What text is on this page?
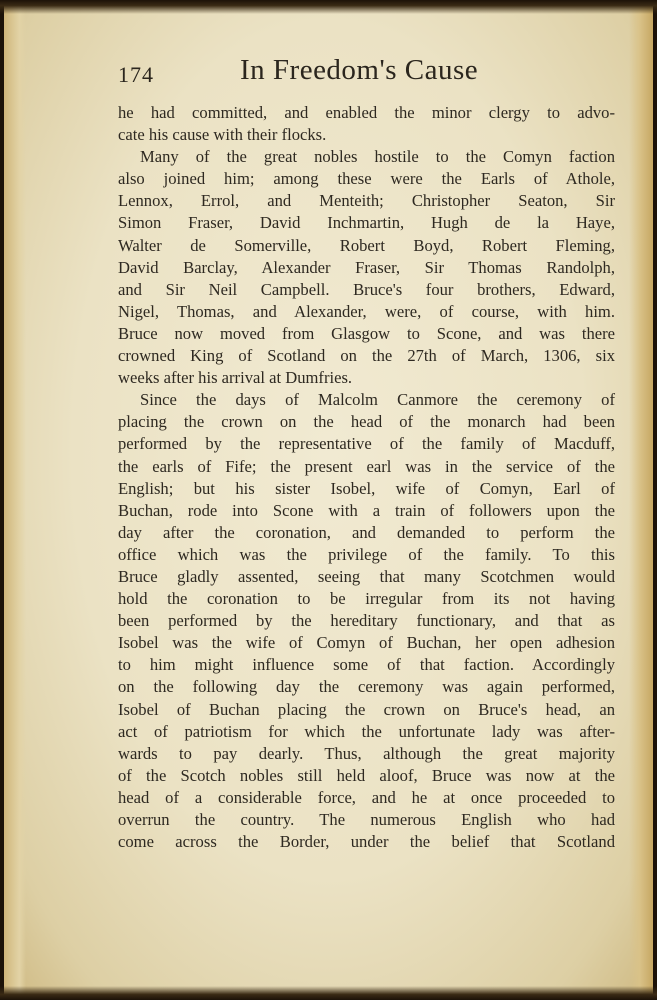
174	In Freedom's Cause
he had committed, and enabled the minor clergy to advo-
cate his cause with their flocks.
Many of the great nobles hostile to the Comyn faction
also joined him; among these were the Earls of Athole,
Lennox, Errol, and Menteith; Christopher Seaton, Sir
Simon Fraser, David Inchmartin, Hugh de la Haye,
Walter de Somerville, Robert Boyd, Robert Fleming,
David Barclay, Alexander Fraser, Sir Thomas Randolph,
and Sir Neil Campbell. Bruce's four brothers, Edward,
Nigel, Thomas, and Alexander, were, of course, with him.
Bruce now moved from Glasgow to Scone, and was there
crowned King of Scotland on the 27th of March, 1306, six
weeks after his arrival at Dumfries.
Since the days of Malcolm Canmore the ceremony of
placing the crown on the head of the monarch had been
performed by the representative of the family of Macduff,
the earls of Fife; the present earl was in the service of the
English; but his sister Isobel, wife of Comyn, Earl of
Buchan, rode into Scone with a train of followers upon the
day after the coronation, and demanded to perform the
office which was the privilege of the family. To this
Bruce gladly assented, seeing that many Scotchmen would
hold the coronation to be irregular from its not having
been performed by the hereditary functionary, and that as
Isobel was the wife of Comyn of Buchan, her open adhesion
to him might influence some of that faction. Accordingly
on the following day the ceremony was again performed,
Isobel of Buchan placing the crown on Bruce's head, an
act of patriotism for which the unfortunate lady was after-
wards to pay dearly. Thus, although the great majority
of the Scotch nobles still held aloof, Bruce was now at the
head of a considerable force, and he at once proceeded to
overrun the country. The numerous English who had
come across the Border, under the belief that Scotland
